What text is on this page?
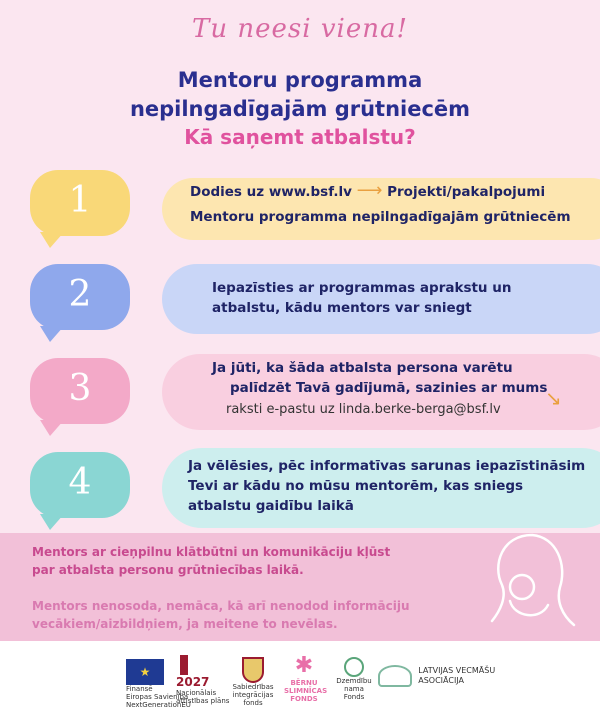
Tu neesi viena!
Mentoru programma
nepilngadīgajām grūtniecēm
Kā saņemt atbalstu?
1	Dodies uz www.bsf.lv ⟶ Projekti/pakalpojumi
Mentoru programma nepilngadīgajām grūtniecēm
2	Iepazīsties ar programmas aprakstu un
atbalstu, kādu mentors var sniegt
3	Ja jūti, ka šāda atbalsta persona varētu
palīdzēt Tavā gadījumā, sazinies ar mums
raksti e-pastu uz linda.berke-berga@bsf.lv ↘
4	Ja vēlēsies, pēc informatīvas sarunas iepazīstināsim
Tevi ar kādu no mūsu mentorēm, kas sniegs
atbalstu gaidību laikā
Mentors ar cieņpilnu klātbūtni un komunikāciju kļūst
par atbalsta personu grūtniecības laikā.
Mentors nenosoda, nemāca, kā arī nenodod informāciju
vecākiem/aizbildņiem, ja meitene to nevēlas.
★
Finansē
Eiropas Savienība
NextGenerationEU
2027
Nacionālais
attīstības plāns
Sabiedrības integrācijas
fonds
✱
BĒRNU
SLIMNĪCAS
FONDS
Dzemdību nama
Fonds

LATVIJAS VECMĀŠU
ASOCIĀCIJA
